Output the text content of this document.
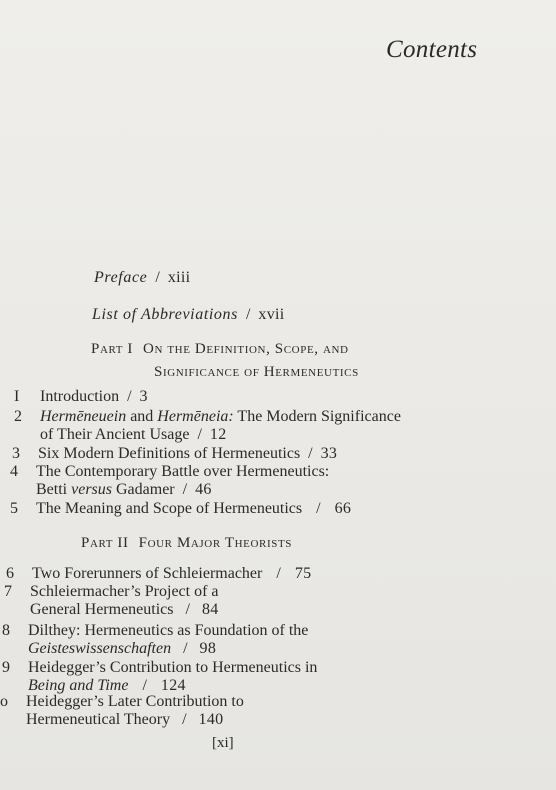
Contents
Preface / xiii
List of Abbreviations / xvii
Part I On the Definition, Scope, and
Significance of Hermeneutics
I	Introduction / 3
2	Hermēneuein and Hermēneia: The Modern Significance
of Their Ancient Usage / 12
3	Six Modern Definitions of Hermeneutics / 33
4	The Contemporary Battle over Hermeneutics:
Betti versus Gadamer / 46
5	The Meaning and Scope of Hermeneutics / 66
Part II Four Major Theorists
6	Two Forerunners of Schleiermacher / 75
7	Schleiermacher’s Project of a
General Hermeneutics / 84
8	Dilthey: Hermeneutics as Foundation of the
Geisteswissenschaften / 98
9	Heidegger’s Contribution to Hermeneutics in
Being and Time / 124
o	Heidegger’s Later Contribution to
Hermeneutical Theory / 140
[xi]
